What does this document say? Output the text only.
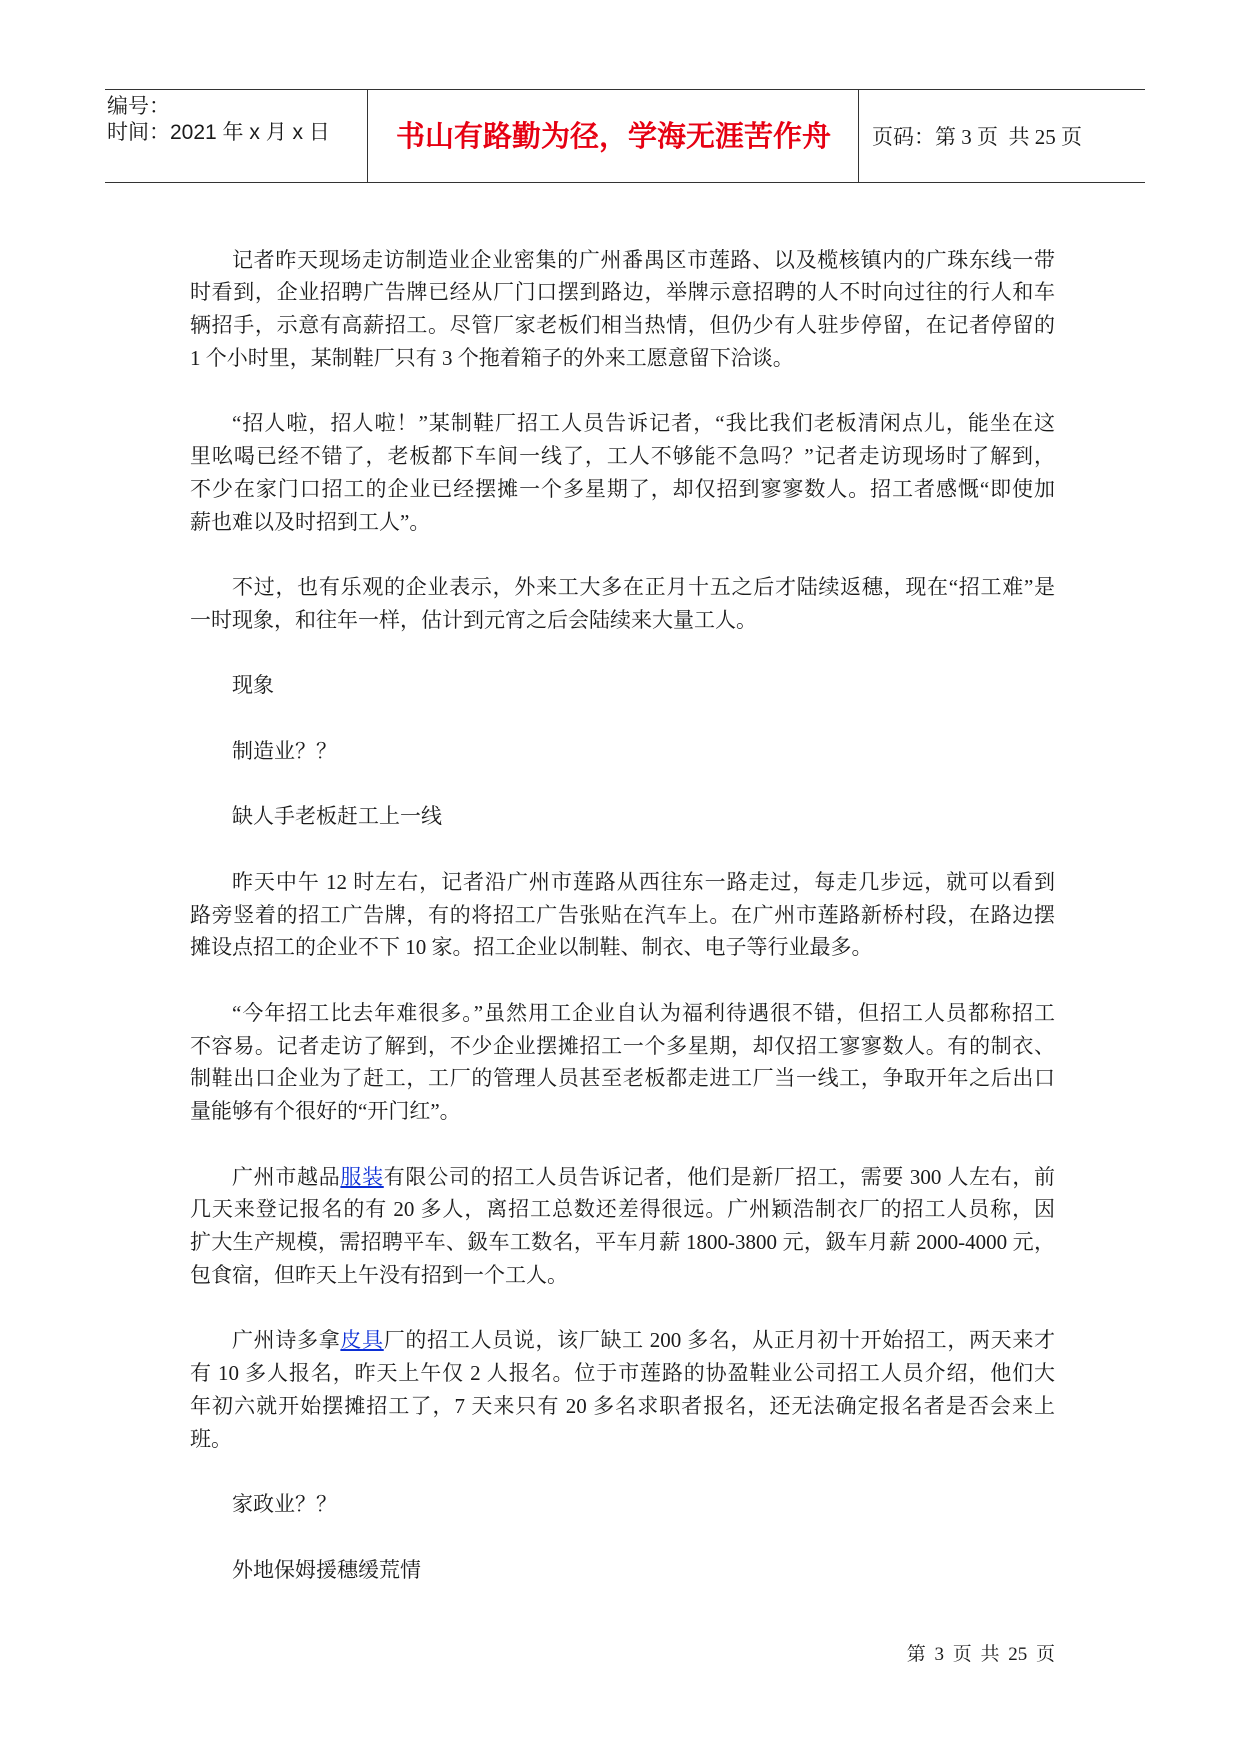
编号：
时间：2021 年 x 月 x 日	书山有路勤为径，学海无涯苦作舟	页码：第 3 页  共 25 页
记者昨天现场走访制造业企业密集的广州番禺区市莲路、以及榄核镇内的广珠东线一带
时看到，企业招聘广告牌已经从厂门口摆到路边，举牌示意招聘的人不时向过往的行人和车
辆招手，示意有高薪招工。尽管厂家老板们相当热情，但仍少有人驻步停留，在记者停留的
1 个小时里，某制鞋厂只有 3 个拖着箱子的外来工愿意留下洽谈。
“招人啦，招人啦！”某制鞋厂招工人员告诉记者，“我比我们老板清闲点儿，能坐在这
里吆喝已经不错了，老板都下车间一线了，工人不够能不急吗？”记者走访现场时了解到，
不少在家门口招工的企业已经摆摊一个多星期了，却仅招到寥寥数人。招工者感慨“即使加
薪也难以及时招到工人”。
不过，也有乐观的企业表示，外来工大多在正月十五之后才陆续返穗，现在“招工难”是
一时现象，和往年一样，估计到元宵之后会陆续来大量工人。
现象
制造业？？
缺人手老板赶工上一线
昨天中午 12 时左右，记者沿广州市莲路从西往东一路走过，每走几步远，就可以看到
路旁竖着的招工广告牌，有的将招工广告张贴在汽车上。在广州市莲路新桥村段，在路边摆
摊设点招工的企业不下 10 家。招工企业以制鞋、制衣、电子等行业最多。
“今年招工比去年难很多。”虽然用工企业自认为福利待遇很不错，但招工人员都称招工
不容易。记者走访了解到，不少企业摆摊招工一个多星期，却仅招工寥寥数人。有的制衣、
制鞋出口企业为了赶工，工厂的管理人员甚至老板都走进工厂当一线工，争取开年之后出口
量能够有个很好的“开门红”。
广州市越品服装有限公司的招工人员告诉记者，他们是新厂招工，需要 300 人左右，前
几天来登记报名的有 20 多人，离招工总数还差得很远。广州颖浩制衣厂的招工人员称，因
扩大生产规模，需招聘平车、鈒车工数名，平车月薪 1800-3800 元，鈒车月薪 2000-4000 元，
包食宿，但昨天上午没有招到一个工人。
广州诗多拿皮具厂的招工人员说，该厂缺工 200 多名，从正月初十开始招工，两天来才
有 10 多人报名，昨天上午仅 2 人报名。位于市莲路的协盈鞋业公司招工人员介绍，他们大
年初六就开始摆摊招工了，7 天来只有 20 多名求职者报名，还无法确定报名者是否会来上
班。
家政业？？
外地保姆援穗缓荒情
第 3 页 共 25 页
